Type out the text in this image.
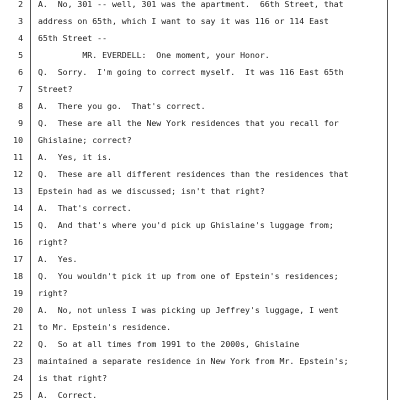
2 A.  No, 301 -- well, 301 was the apartment.  66th Street, that
3 address on 65th, which I want to say it was 116 or 114 East
4 65th Street --
5 MR. EVERDELL:  One moment, your Honor.
6 Q.  Sorry.  I'm going to correct myself.  It was 116 East 65th
7 Street?
8 A.  There you go.  That's correct.
9 Q.  These are all the New York residences that you recall for
10 Ghislaine; correct?
11 A.  Yes, it is.
12 Q.  These are all different residences than the residences that
13 Epstein had as we discussed; isn't that right?
14 A.  That's correct.
15 Q.  And that's where you'd pick up Ghislaine's luggage from;
16 right?
17 A.  Yes.
18 Q.  You wouldn't pick it up from one of Epstein's residences;
19 right?
20 A.  No, not unless I was picking up Jeffrey's luggage, I went
21 to Mr. Epstein's residence.
22 Q.  So at all times from 1991 to the 2000s, Ghislaine
23 maintained a separate residence in New York from Mr. Epstein's;
24 is that right?
25 A.  Correct.
